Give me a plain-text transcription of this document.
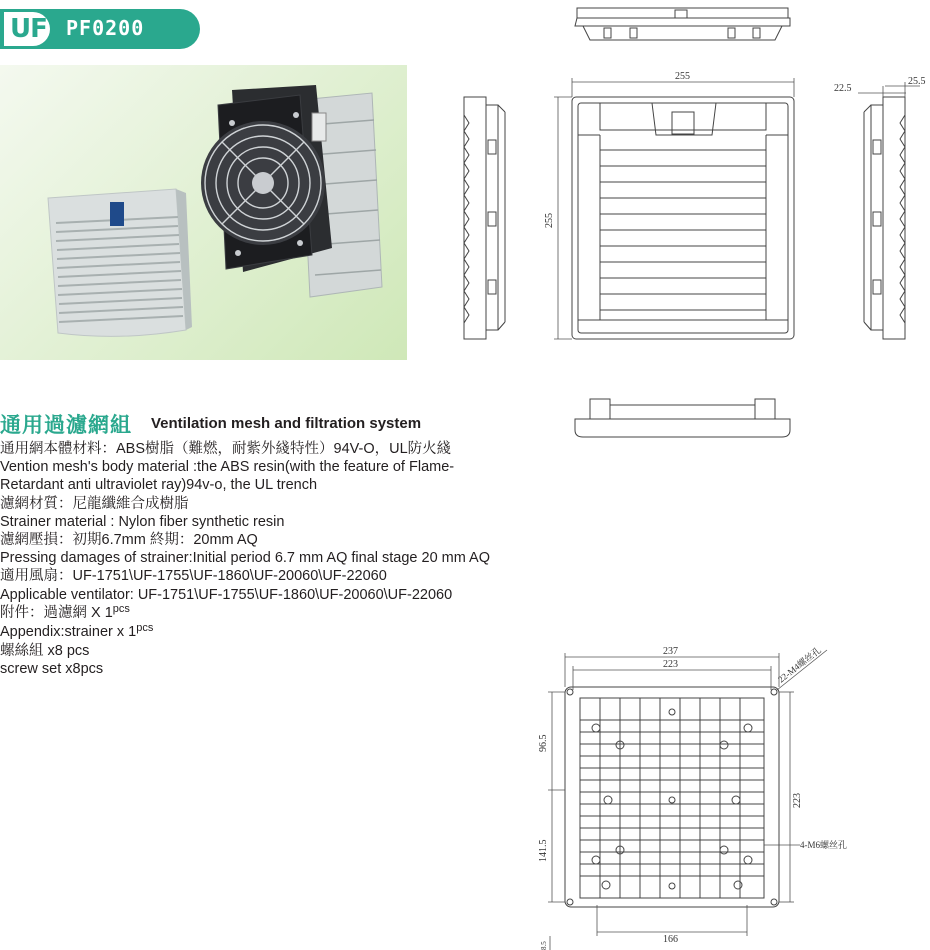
UF PF0200
255
255
22.5
25.5
237
223
96.5
141.5
223
166
8.5
22-M4螺丝孔
4-M6螺丝孔
通用過濾網組 Ventilation mesh and filtration system
通用網本體材料：ABS樹脂（難燃，耐紫外綫特性）94V-O，UL防火綫
Vention mesh's body material :the ABS resin(with the feature of Flame-
Retardant anti ultraviolet ray)94v-o, the UL trench
濾網材質：尼龍纖維合成樹脂
Strainer material : Nylon fiber synthetic resin
濾網壓損：初期6.7mm 終期：20mm AQ
Pressing damages of strainer:Initial period 6.7 mm AQ final stage 20 mm AQ
適用風扇：UF-1751\UF-1755\UF-1860\UF-20060\UF-22060
Applicable ventilator: UF-1751\UF-1755\UF-1860\UF-20060\UF-22060
附件：過濾網 X $1^{pcs}$
Appendix:strainer x $1^{pcs}$
螺絲組 x8 pcs
screw set x8pcs
